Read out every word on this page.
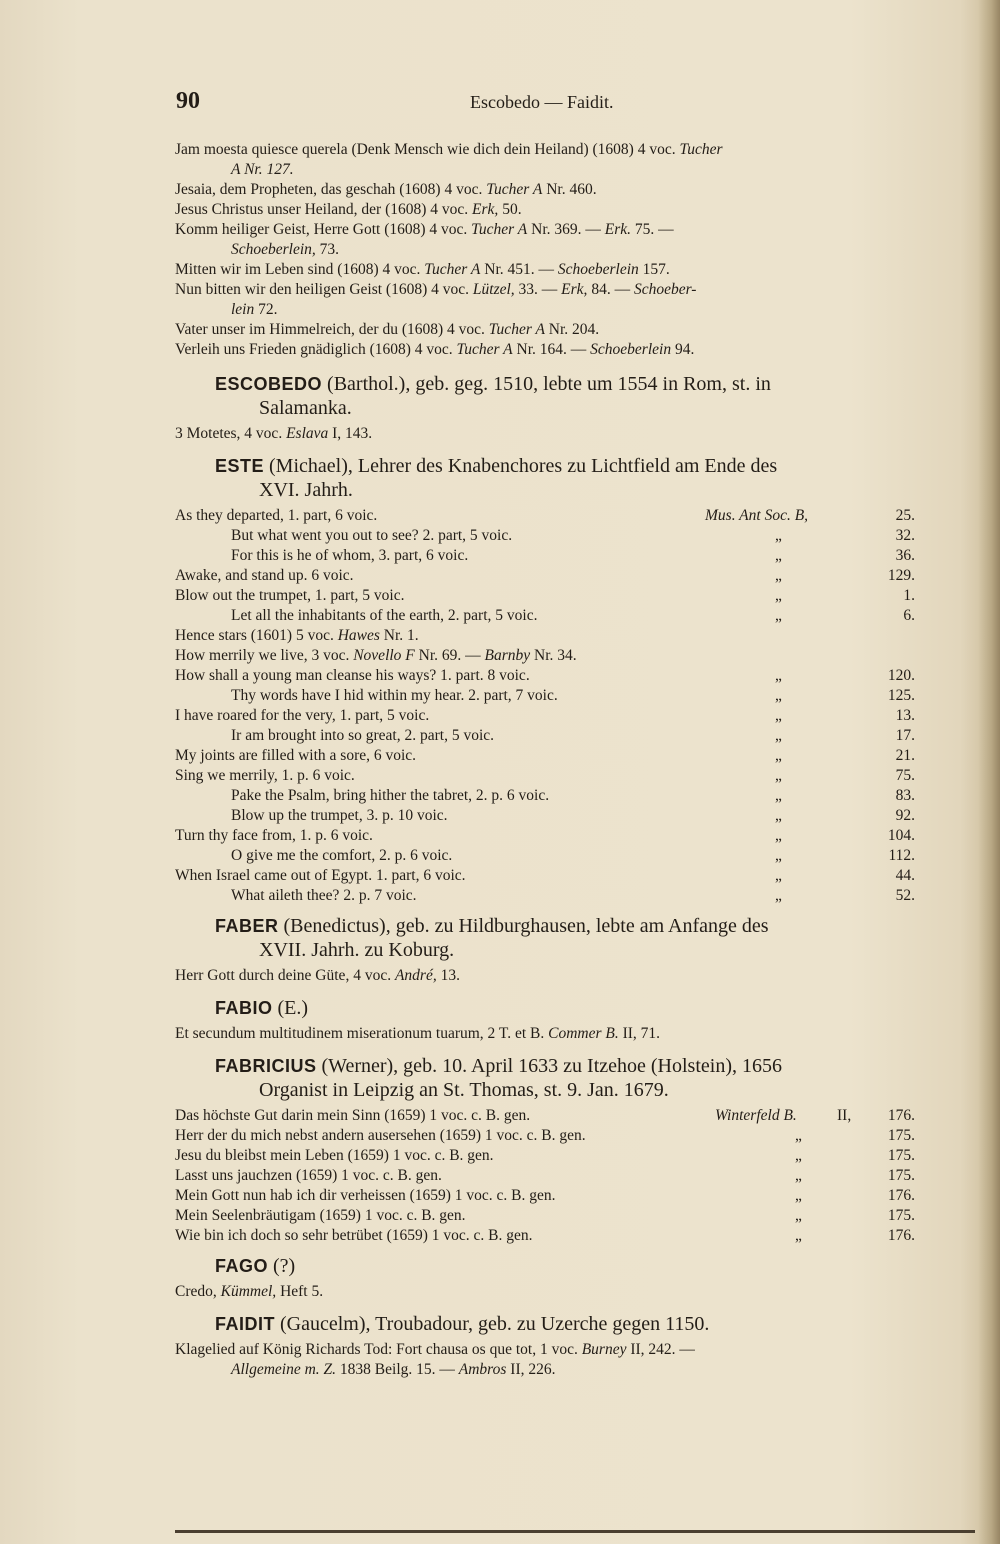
90	Escobedo — Faidit.
Jam moesta quiesce querela (Denk Mensch wie dich dein Heiland) (1608) 4 voc. Tucher
A Nr. 127.
Jesaia, dem Propheten, das geschah (1608) 4 voc. Tucher A Nr. 460.
Jesus Christus unser Heiland, der (1608) 4 voc. Erk, 50.
Komm heiliger Geist, Herre Gott (1608) 4 voc. Tucher A Nr. 369. — Erk. 75. —
Schoeberlein, 73.
Mitten wir im Leben sind (1608) 4 voc. Tucher A Nr. 451. — Schoeberlein 157.
Nun bitten wir den heiligen Geist (1608) 4 voc. Lützel, 33. — Erk, 84. — Schoeber-
lein 72.
Vater unser im Himmelreich, der du (1608) 4 voc. Tucher A Nr. 204.
Verleih uns Frieden gnädiglich (1608) 4 voc. Tucher A Nr. 164. — Schoeberlein 94.
ESCOBEDO (Barthol.), geb. geg. 1510, lebte um 1554 in Rom, st. in
Salamanka.
3 Motetes, 4 voc. Eslava I, 143.
ESTE (Michael), Lehrer des Knabenchores zu Lichtfield am Ende des
XVI. Jahrh.
As they departed, 1. part, 6 voic.	Mus. Ant Soc. B,	25.
But what went you out to see? 2. part, 5 voic.	„	32.
For this is he of whom, 3. part, 6 voic.	„	36.
Awake, and stand up. 6 voic.	„	129.
Blow out the trumpet, 1. part, 5 voic.	„	1.
Let all the inhabitants of the earth, 2. part, 5 voic.	„	6.
Hence stars (1601) 5 voc. Hawes Nr. 1.
How merrily we live, 3 voc. Novello F Nr. 69. — Barnby Nr. 34.
How shall a young man cleanse his ways? 1. part. 8 voic.	„	120.
Thy words have I hid within my hear. 2. part, 7 voic.	„	125.
I have roared for the very, 1. part, 5 voic.	„	13.
Ir am brought into so great, 2. part, 5 voic.	„	17.
My joints are filled with a sore, 6 voic.	„	21.
Sing we merrily, 1. p. 6 voic.	„	75.
Pake the Psalm, bring hither the tabret, 2. p. 6 voic.	„	83.
Blow up the trumpet, 3. p. 10 voic.	„	92.
Turn thy face from, 1. p. 6 voic.	„	104.
O give me the comfort, 2. p. 6 voic.	„	112.
When Israel came out of Egypt. 1. part, 6 voic.	„	44.
What aileth thee? 2. p. 7 voic.	„	52.
FABER (Benedictus), geb. zu Hildburghausen, lebte am Anfange des
XVII. Jahrh. zu Koburg.
Herr Gott durch deine Güte, 4 voc. André, 13.
FABIO (E.)
Et secundum multitudinem miserationum tuarum, 2 T. et B. Commer B. II, 71.
FABRICIUS (Werner), geb. 10. April 1633 zu Itzehoe (Holstein), 1656
Organist in Leipzig an St. Thomas, st. 9. Jan. 1679.
Das höchste Gut darin mein Sinn (1659) 1 voc. c. B. gen.	Winterfeld B.	II, 176.
Herr der du mich nebst andern ausersehen (1659) 1 voc. c. B. gen.	„	175.
Jesu du bleibst mein Leben (1659) 1 voc. c. B. gen.	„	175.
Lasst uns jauchzen (1659) 1 voc. c. B. gen.	„	175.
Mein Gott nun hab ich dir verheissen (1659) 1 voc. c. B. gen.	„	176.
Mein Seelenbräutigam (1659) 1 voc. c. B. gen.	„	175.
Wie bin ich doch so sehr betrübet (1659) 1 voc. c. B. gen.	„	176.
FAGO (?)
Credo, Kümmel, Heft 5.
FAIDIT (Gaucelm), Troubadour, geb. zu Uzerche gegen 1150.
Klagelied auf König Richards Tod: Fort chausa os que tot, 1 voc. Burney II, 242. —
Allgemeine m. Z. 1838 Beilg. 15. — Ambros II, 226.
